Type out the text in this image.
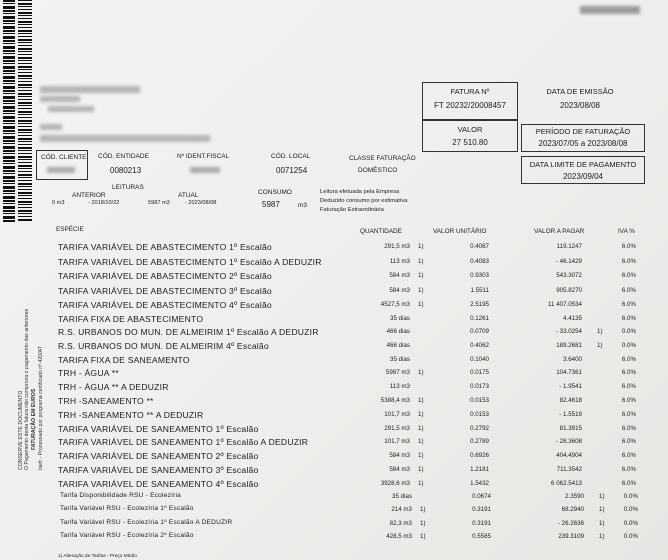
FATURA Nº
FT 20232/20008457
DATA DE EMISSÃO
2023/08/08
VALOR
27 510.80
PERÍODO DE FATURAÇÃO
2023/07/05 a 2023/08/08
DATA LIMITE DE PAGAMENTO
2023/09/04
CÓD. CLIENTE CÓD. ENTIDADE
0080213
Nº IDENT.FISCAL	CÓD. LOCAL
0071254
CLASSE FATURAÇÃO
DOMÉSTICO
LEITURAS
ANTERIOR
0 m3	- 2018/10/22
ATUAL
5987 m3	- 2023/08/08
CONSUMO
5987	m3
Leitura efetuada pela Empresa
Deduzido consumo por estimativa
Faturação Extraordinária
CONSERVE ESTE DOCUMENTO O Pagamento desta fatura não comprova o pagamento das anteriores FATURAÇÃO EM EUROS Isefr - Processado por programa certificado nº 420/AT
ESPÉCIE	QUANTIDADE	VALOR UNITÁRIO	VALOR A PAGAR	IVA %
TARIFA VARIÁVEL DE ABASTECIMENTO 1º Escalão	291,5 m3 1)	0.4087	119.1247	6.0%
TARIFA VARIÁVEL DE ABASTECIMENTO 1º Escalão A DEDUZIR	113 m3 1)	0.4083	- 46.1429	6.0%
TARIFA VARIÁVEL DE ABASTECIMENTO 2º Escalão	584 m3 1)	0.9303	543.3072	6.0%
TARIFA VARIÁVEL DE ABASTECIMENTO 3º Escalão	584 m3 1)	1.5511	905.8270	6.0%
TARIFA VARIÁVEL DE ABASTECIMENTO 4º Escalão	4527,5 m3 1)	2.5195	11 407.0534	6.0%
TARIFA FIXA DE ABASTECIMENTO	35 dias	0.1261	4.4135	6.0%
R.S. URBANOS DO MUN. DE ALMEIRIM 1º Escalão A DEDUZIR	466 dias	0.0709	- 33.0254 1)	0.0%
R.S. URBANOS DO MUN. DE ALMEIRIM 4º Escalão	466 dias	0.4062	189.2681 1)	0.0%
TARIFA FIXA DE SANEAMENTO	35 dias	0.1040	3.6400	6.0%
TRH - ÁGUA **	5987 m3 1)	0.0175	104.7361	6.0%
TRH - ÁGUA ** A DEDUZIR	113 m3	0.0173	- 1.9541	6.0%
TRH -SANEAMENTO **	5388,4 m3 1)	0.0153	82.4618	6.0%
TRH -SANEAMENTO ** A DEDUZIR	101,7 m3 1)	0.0153	- 1.5519	6.0%
TARIFA VARIÁVEL DE SANEAMENTO 1º Escalão	291,5 m3 1)	0.2792	81.3915	6.0%
TARIFA VARIÁVEL DE SANEAMENTO 1º Escalão A DEDUZIR	101,7 m3 1)	0.2789	- 28.3608	6.0%
TARIFA VARIÁVEL DE SANEAMENTO 2º Escalão	584 m3 1)	0.6926	404.4904	6.0%
TARIFA VARIÁVEL DE SANEAMENTO 3º Escalão	584 m3 1)	1.2181	711.3542	6.0%
TARIFA VARIÁVEL DE SANEAMENTO 4º Escalão	3928,6 m3 1)	1.5432	6 062.5413	6.0%
Tarifa Disponibilidade RSU - Ecolezíria	35 dias	0.0674	2.3590 1)	0.0%
Tarifa Variável RSU - Ecolezíria 1º Escalão	214 m3 1)	0.3191	68.2940 1)	0.0%
Tarifa Variável RSU - Ecolezíria 1º Escalão A DEDUZIR	82,3 m3 1)	0.3191	- 26.2636 1)	0.0%
Tarifa Variável RSU - Ecolezíria 2º Escalão	428,5 m3 1)	0.5585	239.3109 1)	0.0%
1) Alteração de Tarifas - Preço Médio
